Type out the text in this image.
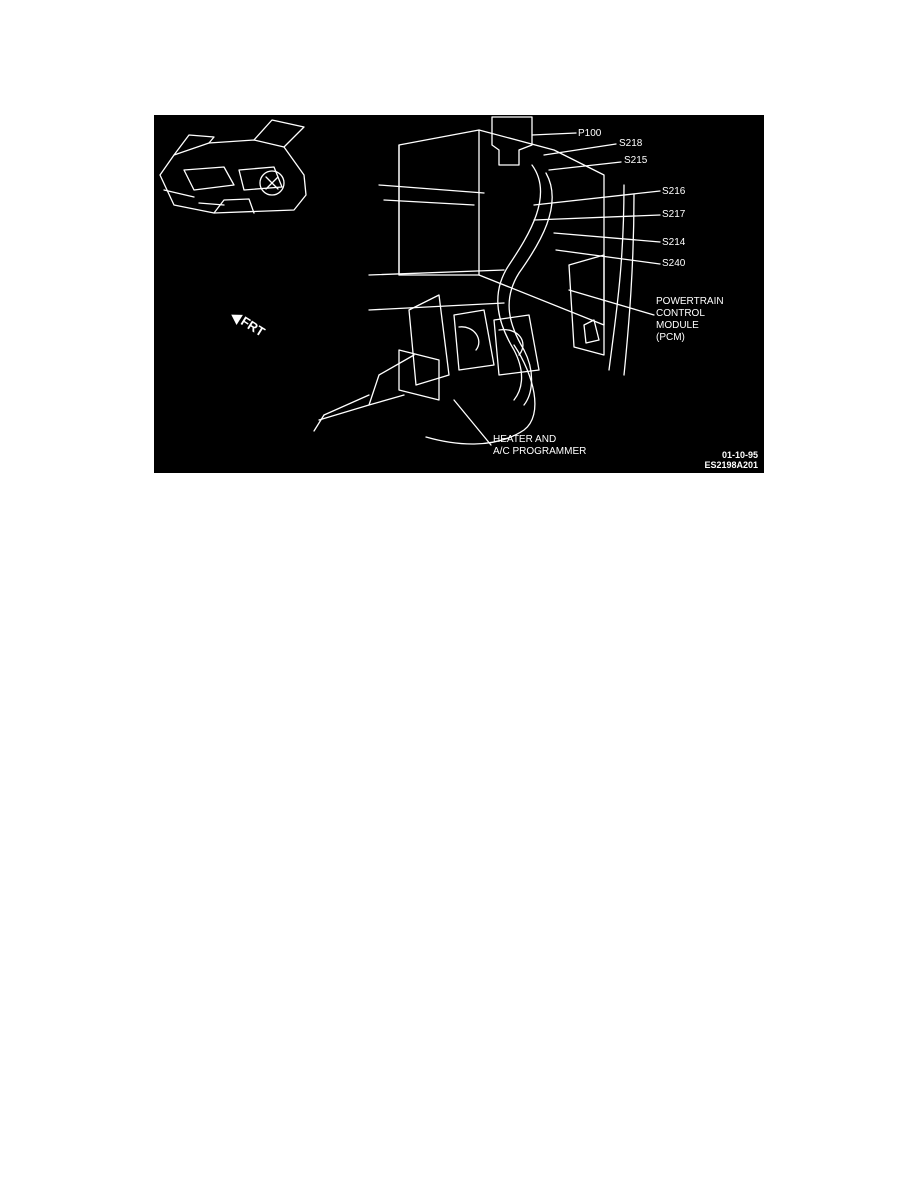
P100
S218
S215
S216
S217
S214
S240
POWERTRAIN
CONTROL
MODULE
(PCM)
HEATER AND
A/C PROGRAMMER
FRT
01-10-95
ES2198A201
